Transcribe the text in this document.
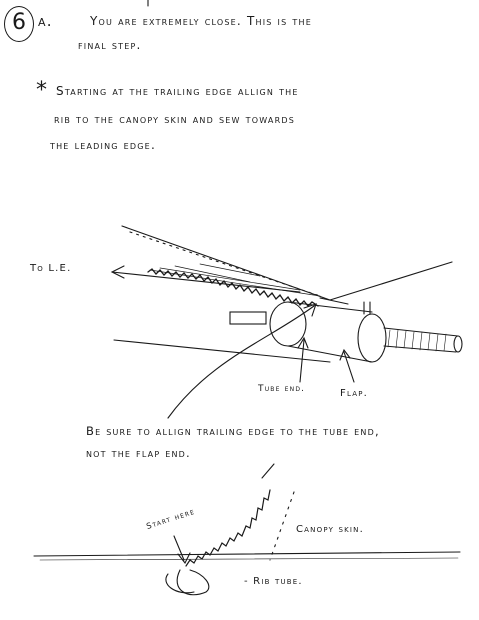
6 a.	You are extremely close. This is the
final step.
* Starting at the trailing edge allign the
rib to the canopy skin and sew towards
the leading edge.
To L.E.
Tube end.	Flap.
Be sure to allign trailing edge to the tube end,
not the flap end.
Start here	Canopy skin.
- Rib tube.
